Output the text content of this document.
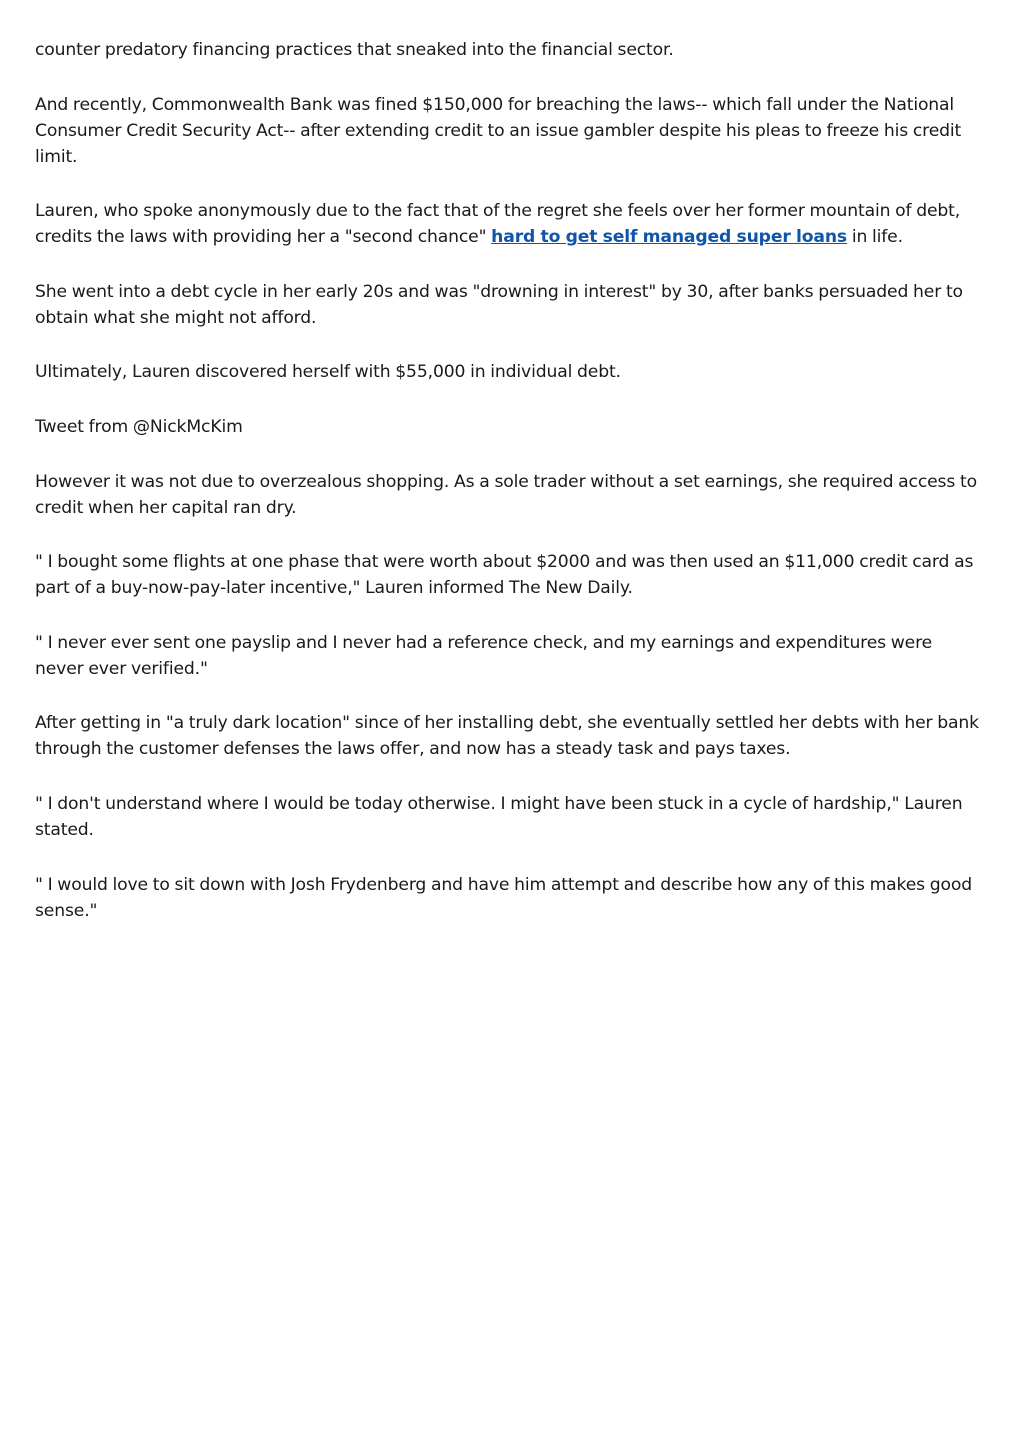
counter predatory financing practices that sneaked into the financial sector.

And recently, Commonwealth Bank was fined $150,000 for breaching the laws-- which fall under the National Consumer Credit Security Act-- after extending credit to an issue gambler despite his pleas to freeze his credit limit.

Lauren, who spoke anonymously due to the fact that of the regret she feels over her former mountain of debt, credits the laws with providing her a "second chance" hard to get self managed super loans in life.

She went into a debt cycle in her early 20s and was "drowning in interest" by 30, after banks persuaded her to obtain what she might not afford.

Ultimately, Lauren discovered herself with $55,000 in individual debt.

Tweet from @NickMcKim

However it was not due to overzealous shopping. As a sole trader without a set earnings, she required access to credit when her capital ran dry.

" I bought some flights at one phase that were worth about $2000 and was then used an $11,000 credit card as part of a buy-now-pay-later incentive," Lauren informed The New Daily.

" I never ever sent one payslip and I never had a reference check, and my earnings and expenditures were never ever verified."

After getting in "a truly dark location" since of her installing debt, she eventually settled her debts with her bank through the customer defenses the laws offer, and now has a steady task and pays taxes.

" I don't understand where I would be today otherwise. I might have been stuck in a cycle of hardship," Lauren stated.

" I would love to sit down with Josh Frydenberg and have him attempt and describe how any of this makes good sense."
